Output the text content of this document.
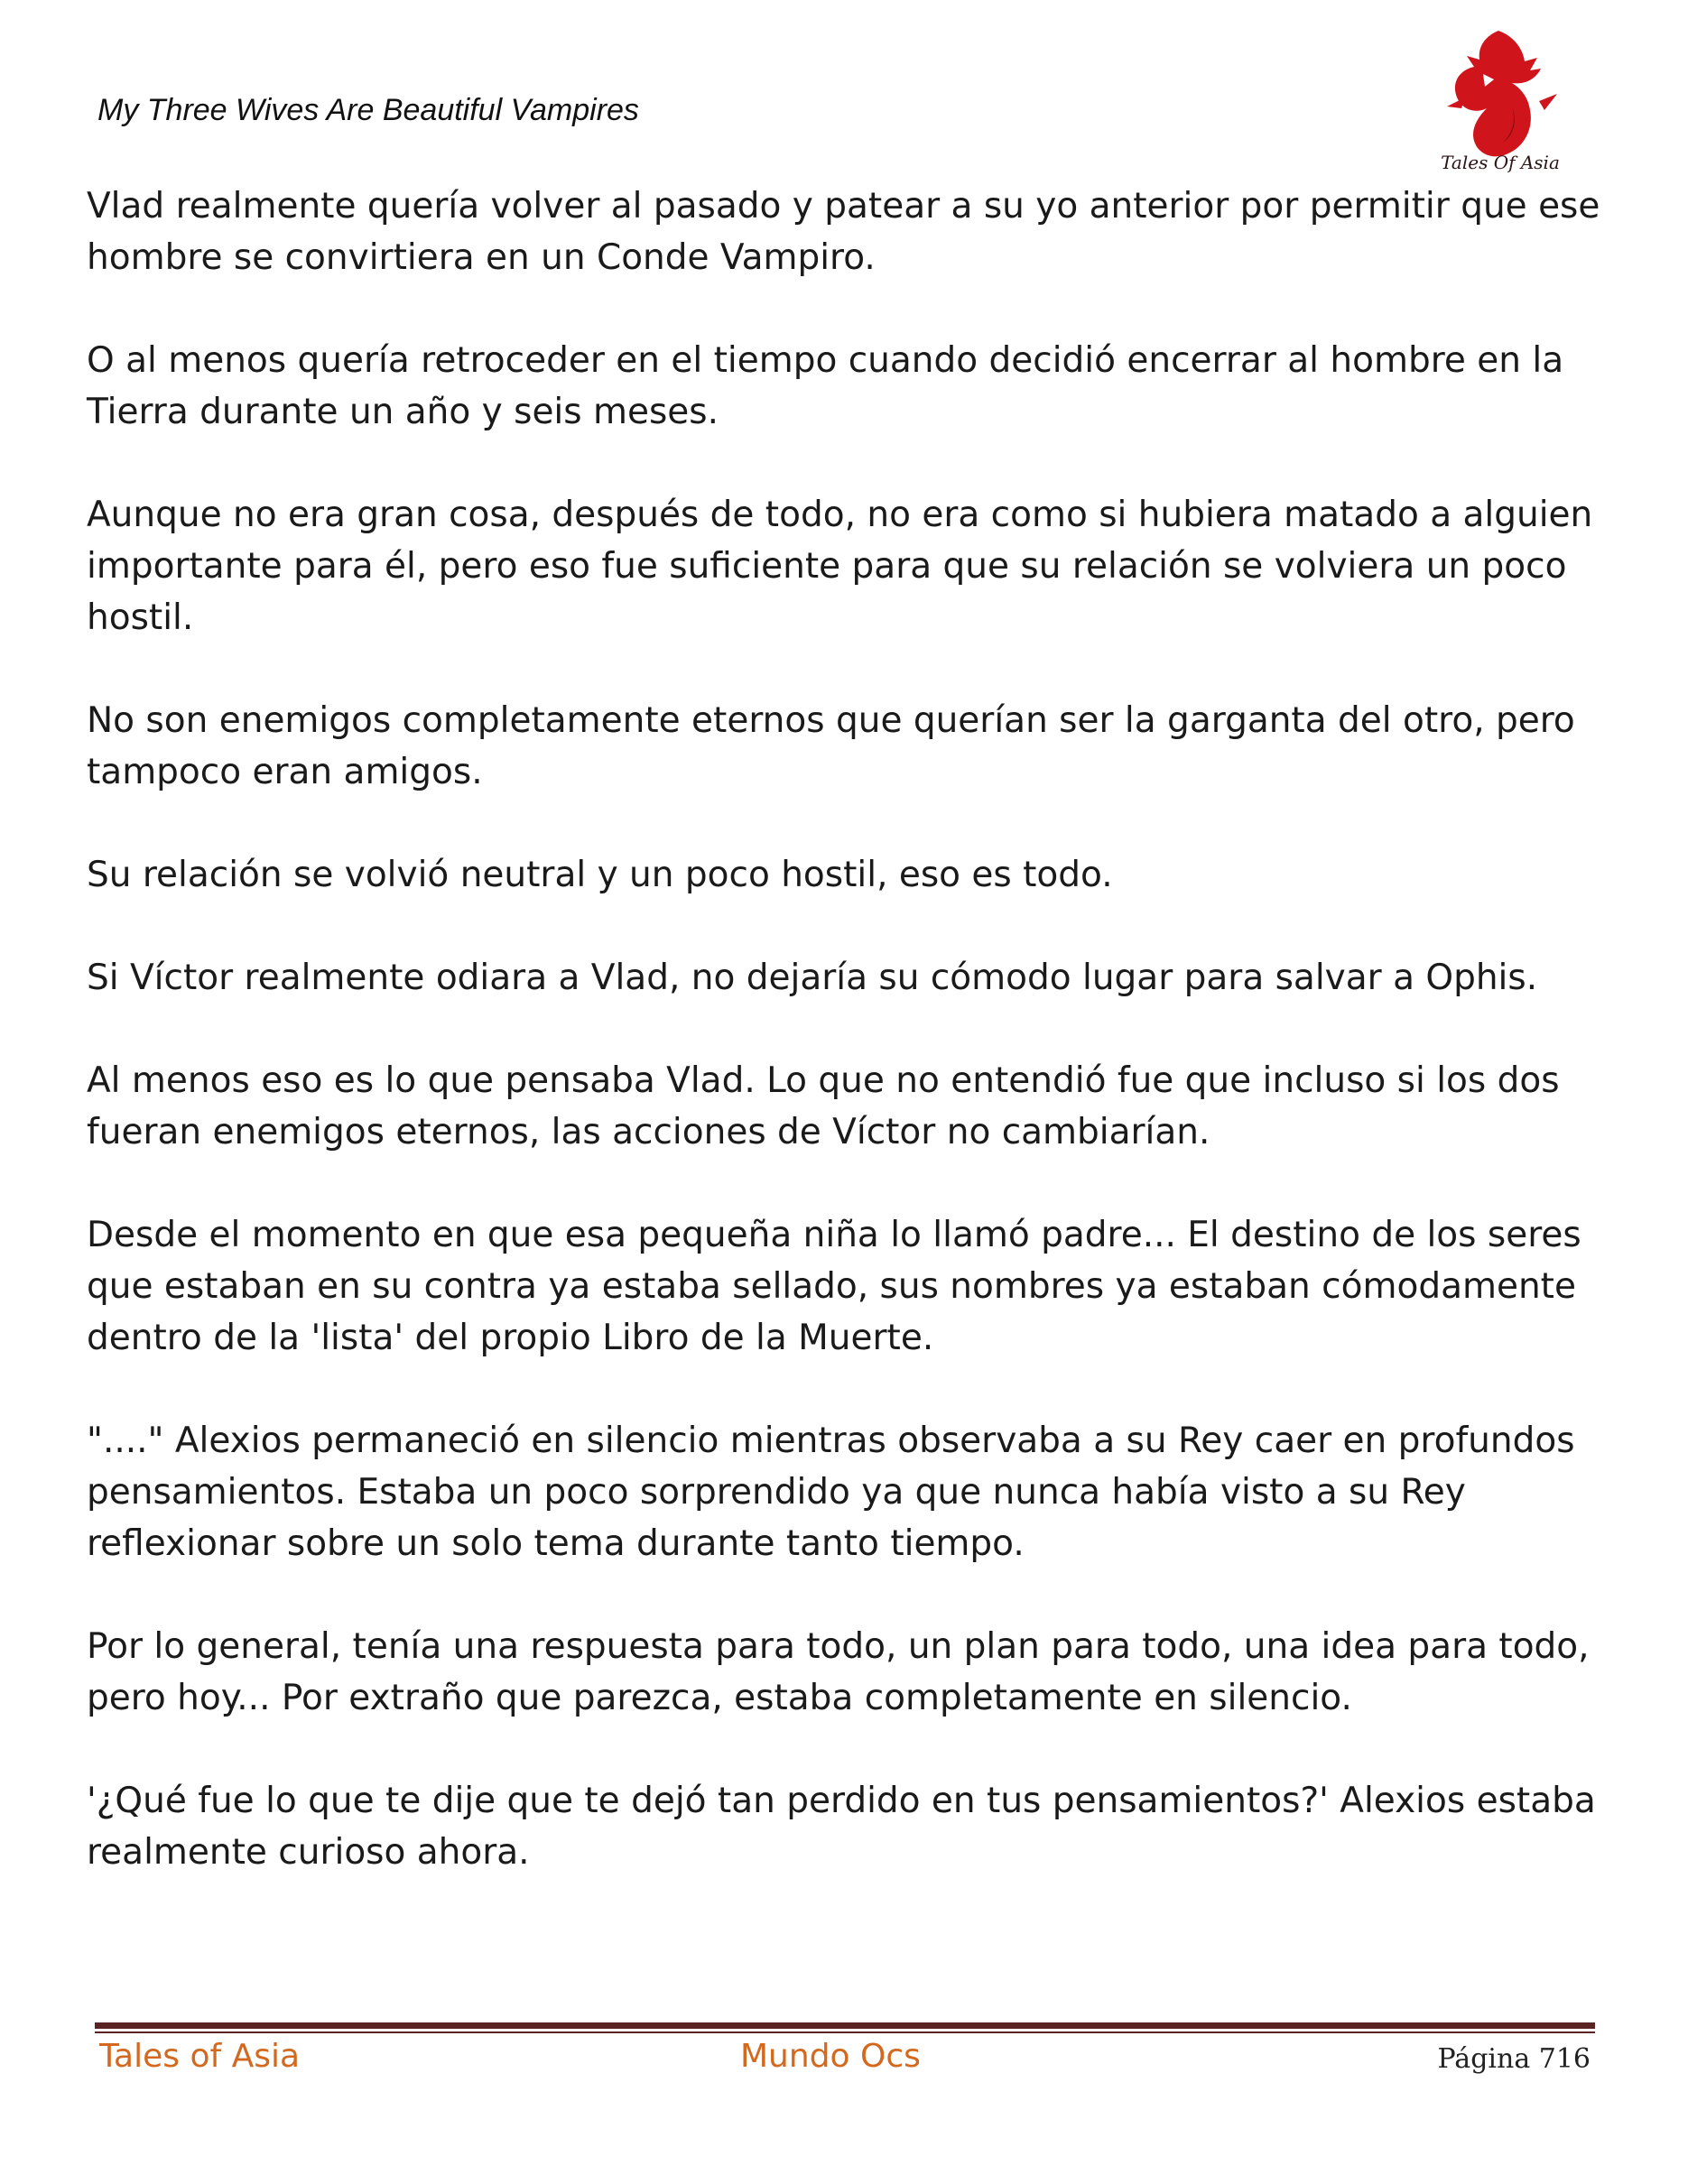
My Three Wives Are Beautiful Vampires
Tales Of Asia

Vlad realmente quería volver al pasado y patear a su yo anterior por permitir que ese hombre se convirtiera en un Conde Vampiro.

O al menos quería retroceder en el tiempo cuando decidió encerrar al hombre en la Tierra durante un año y seis meses.

Aunque no era gran cosa, después de todo, no era como si hubiera matado a alguien importante para él, pero eso fue suficiente para que su relación se volviera un poco hostil.

No son enemigos completamente eternos que querían ser la garganta del otro, pero tampoco eran amigos.

Su relación se volvió neutral y un poco hostil, eso es todo.

Si Víctor realmente odiara a Vlad, no dejaría su cómodo lugar para salvar a Ophis.

Al menos eso es lo que pensaba Vlad. Lo que no entendió fue que incluso si los dos fueran enemigos eternos, las acciones de Víctor no cambiarían.

Desde el momento en que esa pequeña niña lo llamó padre... El destino de los seres que estaban en su contra ya estaba sellado, sus nombres ya estaban cómodamente dentro de la 'lista' del propio Libro de la Muerte.

"...." Alexios permaneció en silencio mientras observaba a su Rey caer en profundos pensamientos. Estaba un poco sorprendido ya que nunca había visto a su Rey reflexionar sobre un solo tema durante tanto tiempo.

Por lo general, tenía una respuesta para todo, un plan para todo, una idea para todo, pero hoy... Por extraño que parezca, estaba completamente en silencio.

'¿Qué fue lo que te dije que te dejó tan perdido en tus pensamientos?' Alexios estaba realmente curioso ahora.

Tales of Asia	Mundo Ocs	Página 716
